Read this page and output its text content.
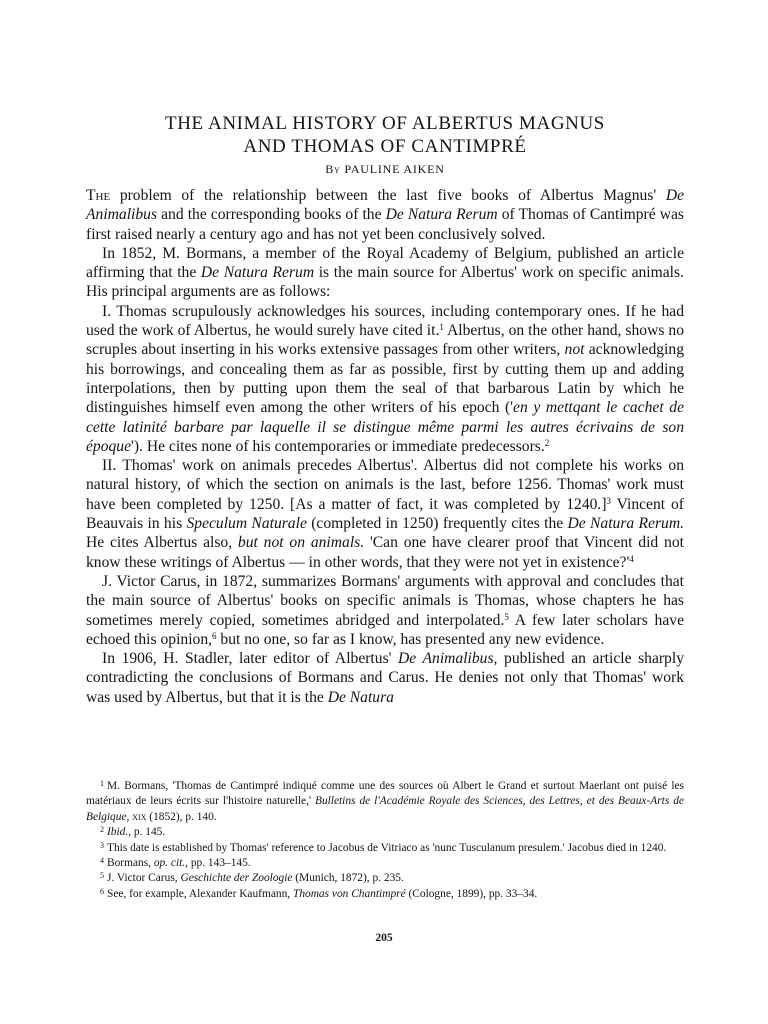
THE ANIMAL HISTORY OF ALBERTUS MAGNUS
AND THOMAS OF CANTIMPRÉ
By PAULINE AIKEN

The problem of the relationship between the last five books of Albertus Magnus' De Animalibus and the corresponding books of the De Natura Rerum of Thomas of Cantimpré was first raised nearly a century ago and has not yet been conclusively solved.

In 1852, M. Bormans, a member of the Royal Academy of Belgium, published an article affirming that the De Natura Rerum is the main source for Albertus' work on specific animals. His principal arguments are as follows:

I. Thomas scrupulously acknowledges his sources, including contemporary ones. If he had used the work of Albertus, he would surely have cited it.$^1$ Albertus, on the other hand, shows no scruples about inserting in his works extensive passages from other writers, not acknowledging his borrowings, and concealing them as far as possible, first by cutting them up and adding interpolations, then by putting upon them the seal of that barbarous Latin by which he distinguishes himself even among the other writers of his epoch ('en y mettqant le cachet de cette latinité barbare par laquelle il se distingue même parmi les autres écrivains de son époque'). He cites none of his contemporaries or immediate predecessors.$^2$

II. Thomas' work on animals precedes Albertus'. Albertus did not complete his works on natural history, of which the section on animals is the last, before 1256. Thomas' work must have been completed by 1250. [As a matter of fact, it was completed by 1240.]$^3$ Vincent of Beauvais in his Speculum Naturale (completed in 1250) frequently cites the De Natura Rerum. He cites Albertus also, but not on animals. 'Can one have clearer proof that Vincent did not know these writings of Albertus — in other words, that they were not yet in $existence?'^4$

J. Victor Carus, in 1872, summarizes Bormans' arguments with approval and concludes that the main source of Albertus' books on specific animals is Thomas, whose chapters he has sometimes merely copied, sometimes abridged and interpolated.$^5$ A few later scholars have echoed this opinion,$^6$ but no one, so far as I know, has presented any new evidence.

In 1906, H. Stadler, later editor of Albertus' De Animalibus, published an article sharply contradicting the conclusions of Bormans and Carus. He denies not only that Thomas' work was used by Albertus, but that it is the De Natura

$^1$ M. Bormans, 'Thomas de Cantimpré indiqué comme une des sources où Albert le Grand et surtout Maerlant ont puisé les matériaux de leurs écrits sur l'histoire naturelle,' Bulletins de l'Académie Royale des Sciences, des Lettres, et des Beaux-Arts de Belgique, xix (1852), p. 140.

$^2$ Ibid., p. 145.

$^3$ This date is established by Thomas' reference to Jacobus de Vitriaco as 'nunc Tusculanum presulem.' Jacobus died in 1240.

$^4$ Bormans, op. cit., pp. 143–145.

$^5$ J. Victor Carus, Geschichte der Zoologie (Munich, 1872), p. 235.

$^6$ See, for example, Alexander Kaufmann, Thomas von Chantimpré (Cologne, 1899), pp. 33–34.

205
